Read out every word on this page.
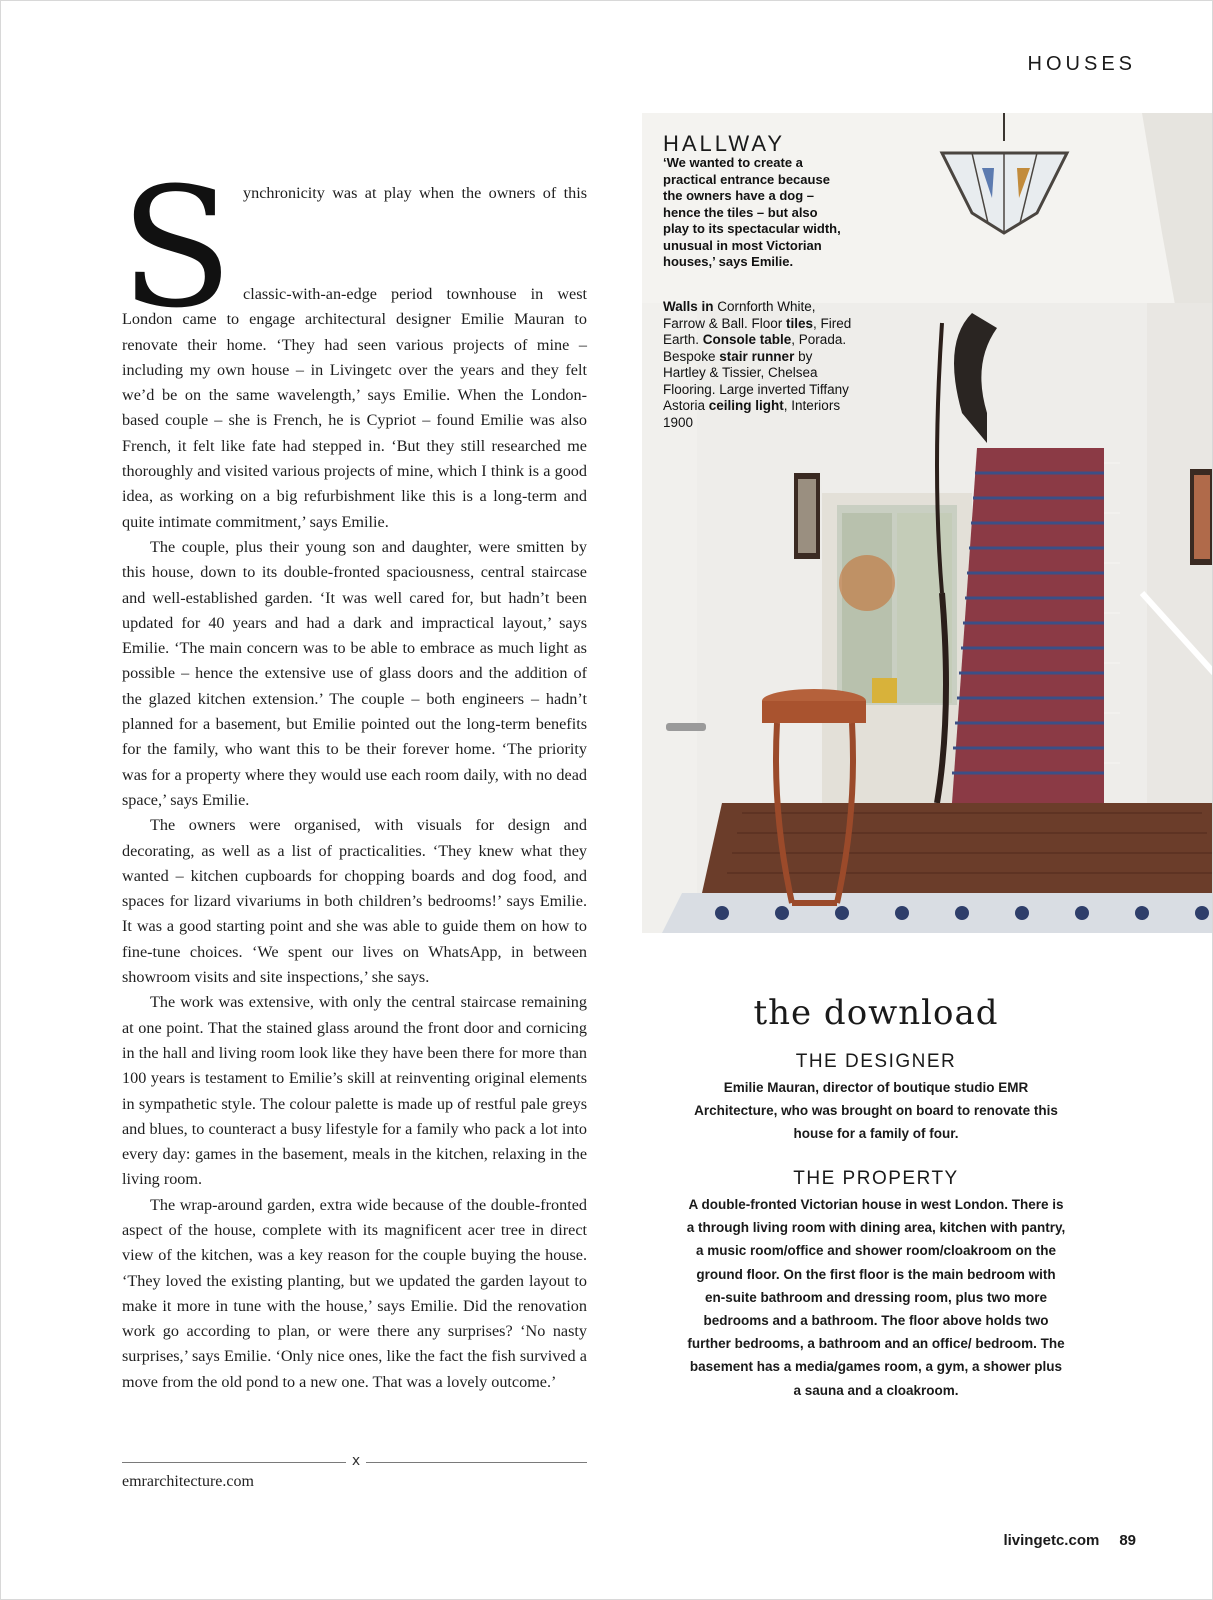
HOUSES

Synchronicity was at play when the owners of this classic-with-an-edge period townhouse in west London came to engage architectural designer Emilie Mauran to renovate their home. ‘They had seen various projects of mine – including my own house – in Livingetc over the years and they felt we’d be on the same wavelength,’ says Emilie. When the London-based couple – she is French, he is Cypriot – found Emilie was also French, it felt like fate had stepped in. ‘But they still researched me thoroughly and visited various projects of mine, which I think is a good idea, as working on a big refurbishment like this is a long-term and quite intimate commitment,’ says Emilie.

The couple, plus their young son and daughter, were smitten by this house, down to its double-fronted spaciousness, central staircase and well-established garden. ‘It was well cared for, but hadn’t been updated for 40 years and had a dark and impractical layout,’ says Emilie. ‘The main concern was to be able to embrace as much light as possible – hence the extensive use of glass doors and the addition of the glazed kitchen extension.’ The couple – both engineers – hadn’t planned for a basement, but Emilie pointed out the long-term benefits for the family, who want this to be their forever home. ‘The priority was for a property where they would use each room daily, with no dead space,’ says Emilie.

The owners were organised, with visuals for design and decorating, as well as a list of practicalities. ‘They knew what they wanted – kitchen cupboards for chopping boards and dog food, and spaces for lizard vivariums in both children’s bedrooms!’ says Emilie. It was a good starting point and she was able to guide them on how to fine-tune choices. ‘We spent our lives on WhatsApp, in between showroom visits and site inspections,’ she says.

The work was extensive, with only the central staircase remaining at one point. That the stained glass around the front door and cornicing in the hall and living room look like they have been there for more than 100 years is testament to Emilie’s skill at reinventing original elements in sympathetic style. The colour palette is made up of restful pale greys and blues, to counteract a busy lifestyle for a family who pack a lot into every day: games in the basement, meals in the kitchen, relaxing in the living room.

The wrap-around garden, extra wide because of the double-fronted aspect of the house, complete with its magnificent acer tree in direct view of the kitchen, was a key reason for the couple buying the house. ‘They loved the existing planting, but we updated the garden layout to make it more in tune with the house,’ says Emilie. Did the renovation work go according to plan, or were there any surprises? ‘No nasty surprises,’ says Emilie. ‘Only nice ones, like the fact the fish survived a move from the old pond to a new one. That was a lovely outcome.’

x
emrarchitecture.com
HALLWAY
‘We wanted to create a practical entrance because the owners have a dog – hence the tiles – but also play to its spectacular width, unusual in most Victorian houses,’ says Emilie.
Walls in Cornforth White, Farrow & Ball. Floor tiles, Fired Earth. Console table, Porada. Bespoke stair runner by Hartley & Tissier, Chelsea Flooring. Large inverted Tiffany Astoria ceiling light, Interiors 1900
the download
THE DESIGNER
Emilie Mauran, director of boutique studio EMR Architecture, who was brought on board to renovate this house for a family of four.
THE PROPERTY
A double-fronted Victorian house in west London. There is a through living room with dining area, kitchen with pantry, a music room/office and shower room/cloakroom on the ground floor. On the first floor is the main bedroom with en-suite bathroom and dressing room, plus two more bedrooms and a bathroom. The floor above holds two further bedrooms, a bathroom and an office/ bedroom. The basement has a media/games room, a gym, a shower plus a sauna and a cloakroom.
livingetc.com 89
